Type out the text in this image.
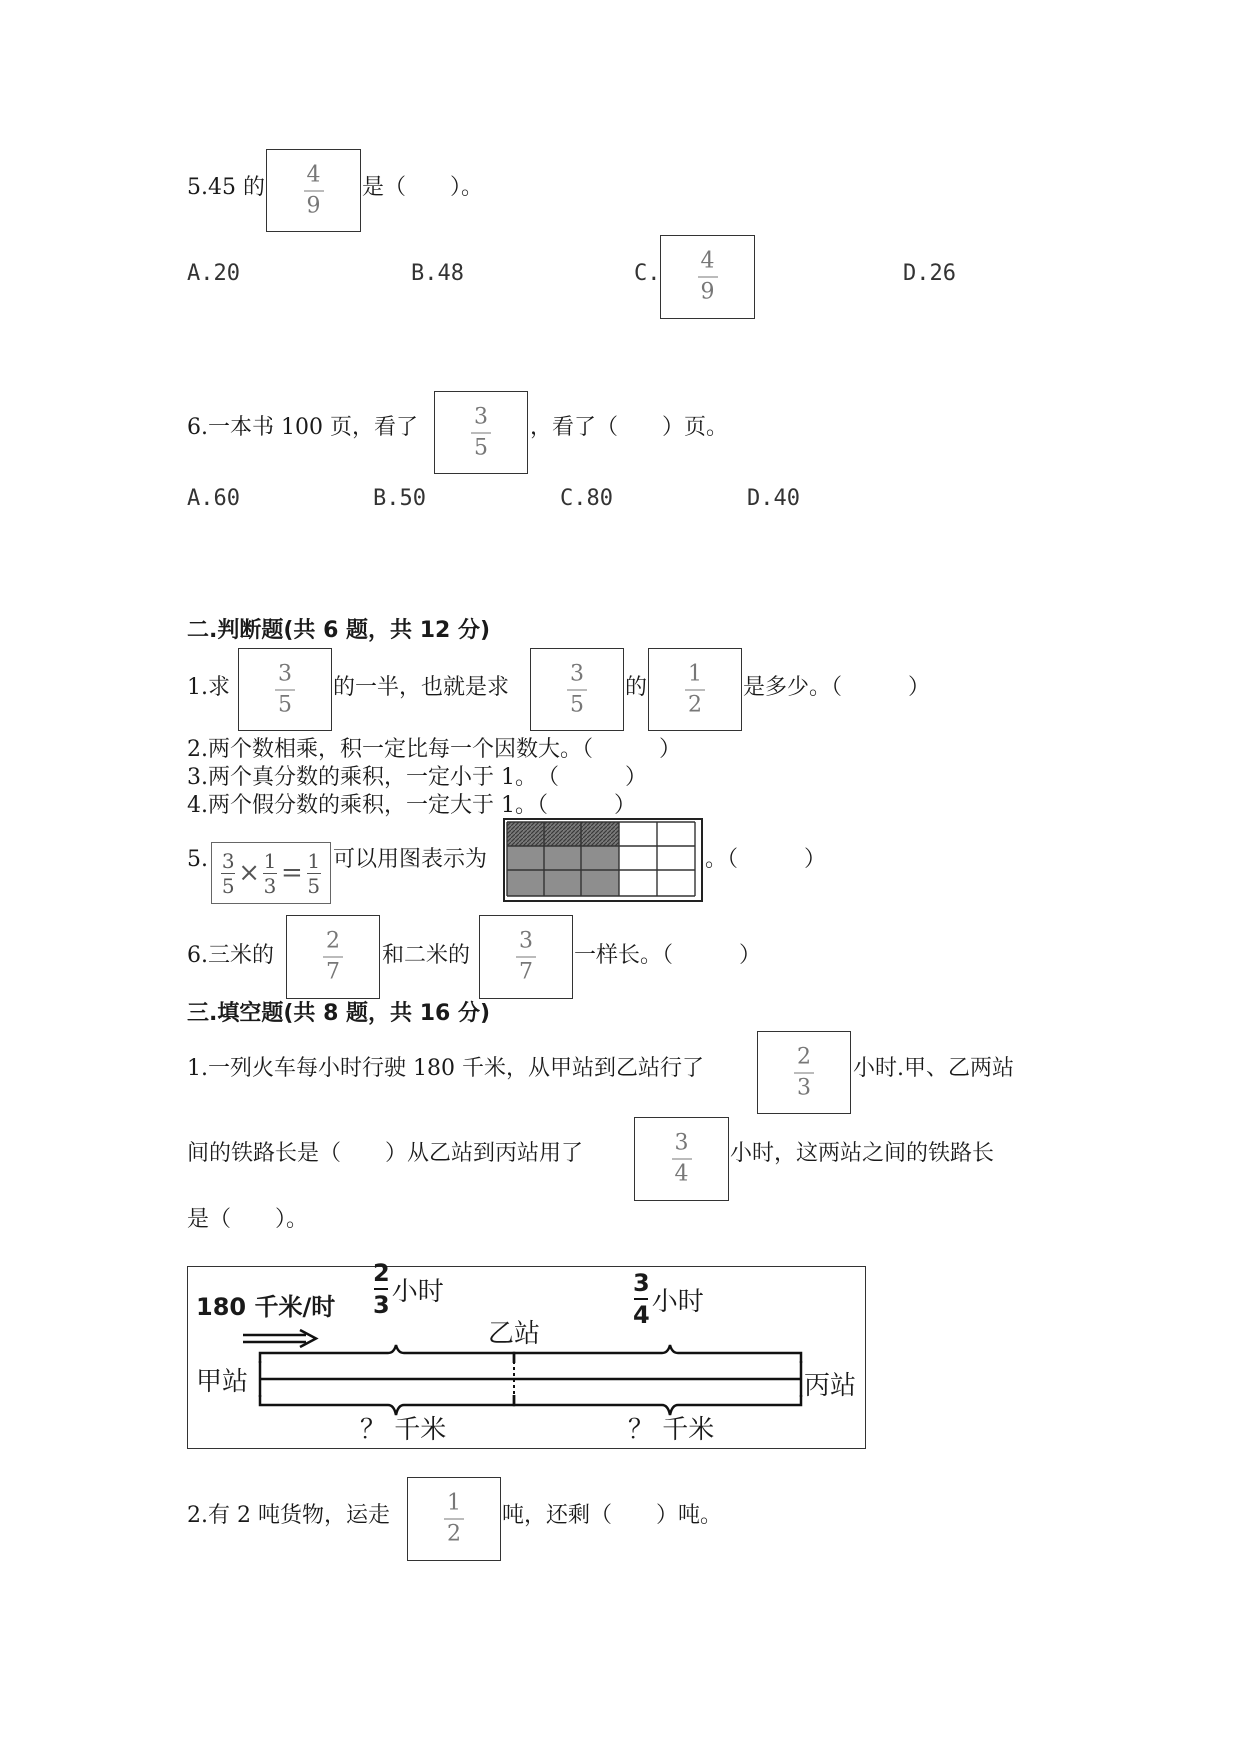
5.45 的
4
9
是（　　）。
A.20	B.48	C. 4
9
D.26
6.一本书 100 页，看了	3
5
，看了（　　）页。
A.60	B.50	C.80	D.40
二.判断题(共 6 题，共 12 分)
1.求
3
5
的一半，也就是求
3
5
的
1
2
是多少。（　　　）
2.两个数相乘，积一定比每一个因数大。（　　　）
3.两个真分数的乘积，一定小于 1。　（　　　）
4.两个假分数的乘积，一定大于 1。（　　　）
5. 3
5 × 1
3 = 1
5
可以用图表示为	。（　　　）
6.三米的
2
7
和二米的
3
7
一样长。（　　　）
三.填空题(共 8 题，共 16 分)
1.一列火车每小时行驶 180 千米，从甲站到乙站行了	2
3
小时.甲、乙两站
间的铁路长是（　　）从乙站到丙站用了	3
4
小时，这两站之间的铁路长
是（　　）。
180 千米/时
2
3 小时	3
4 小时
乙站
甲站	丙站
？ 千米	？ 千米
2.有 2 吨货物，运走	1
2
吨，还剩（　　）吨。
